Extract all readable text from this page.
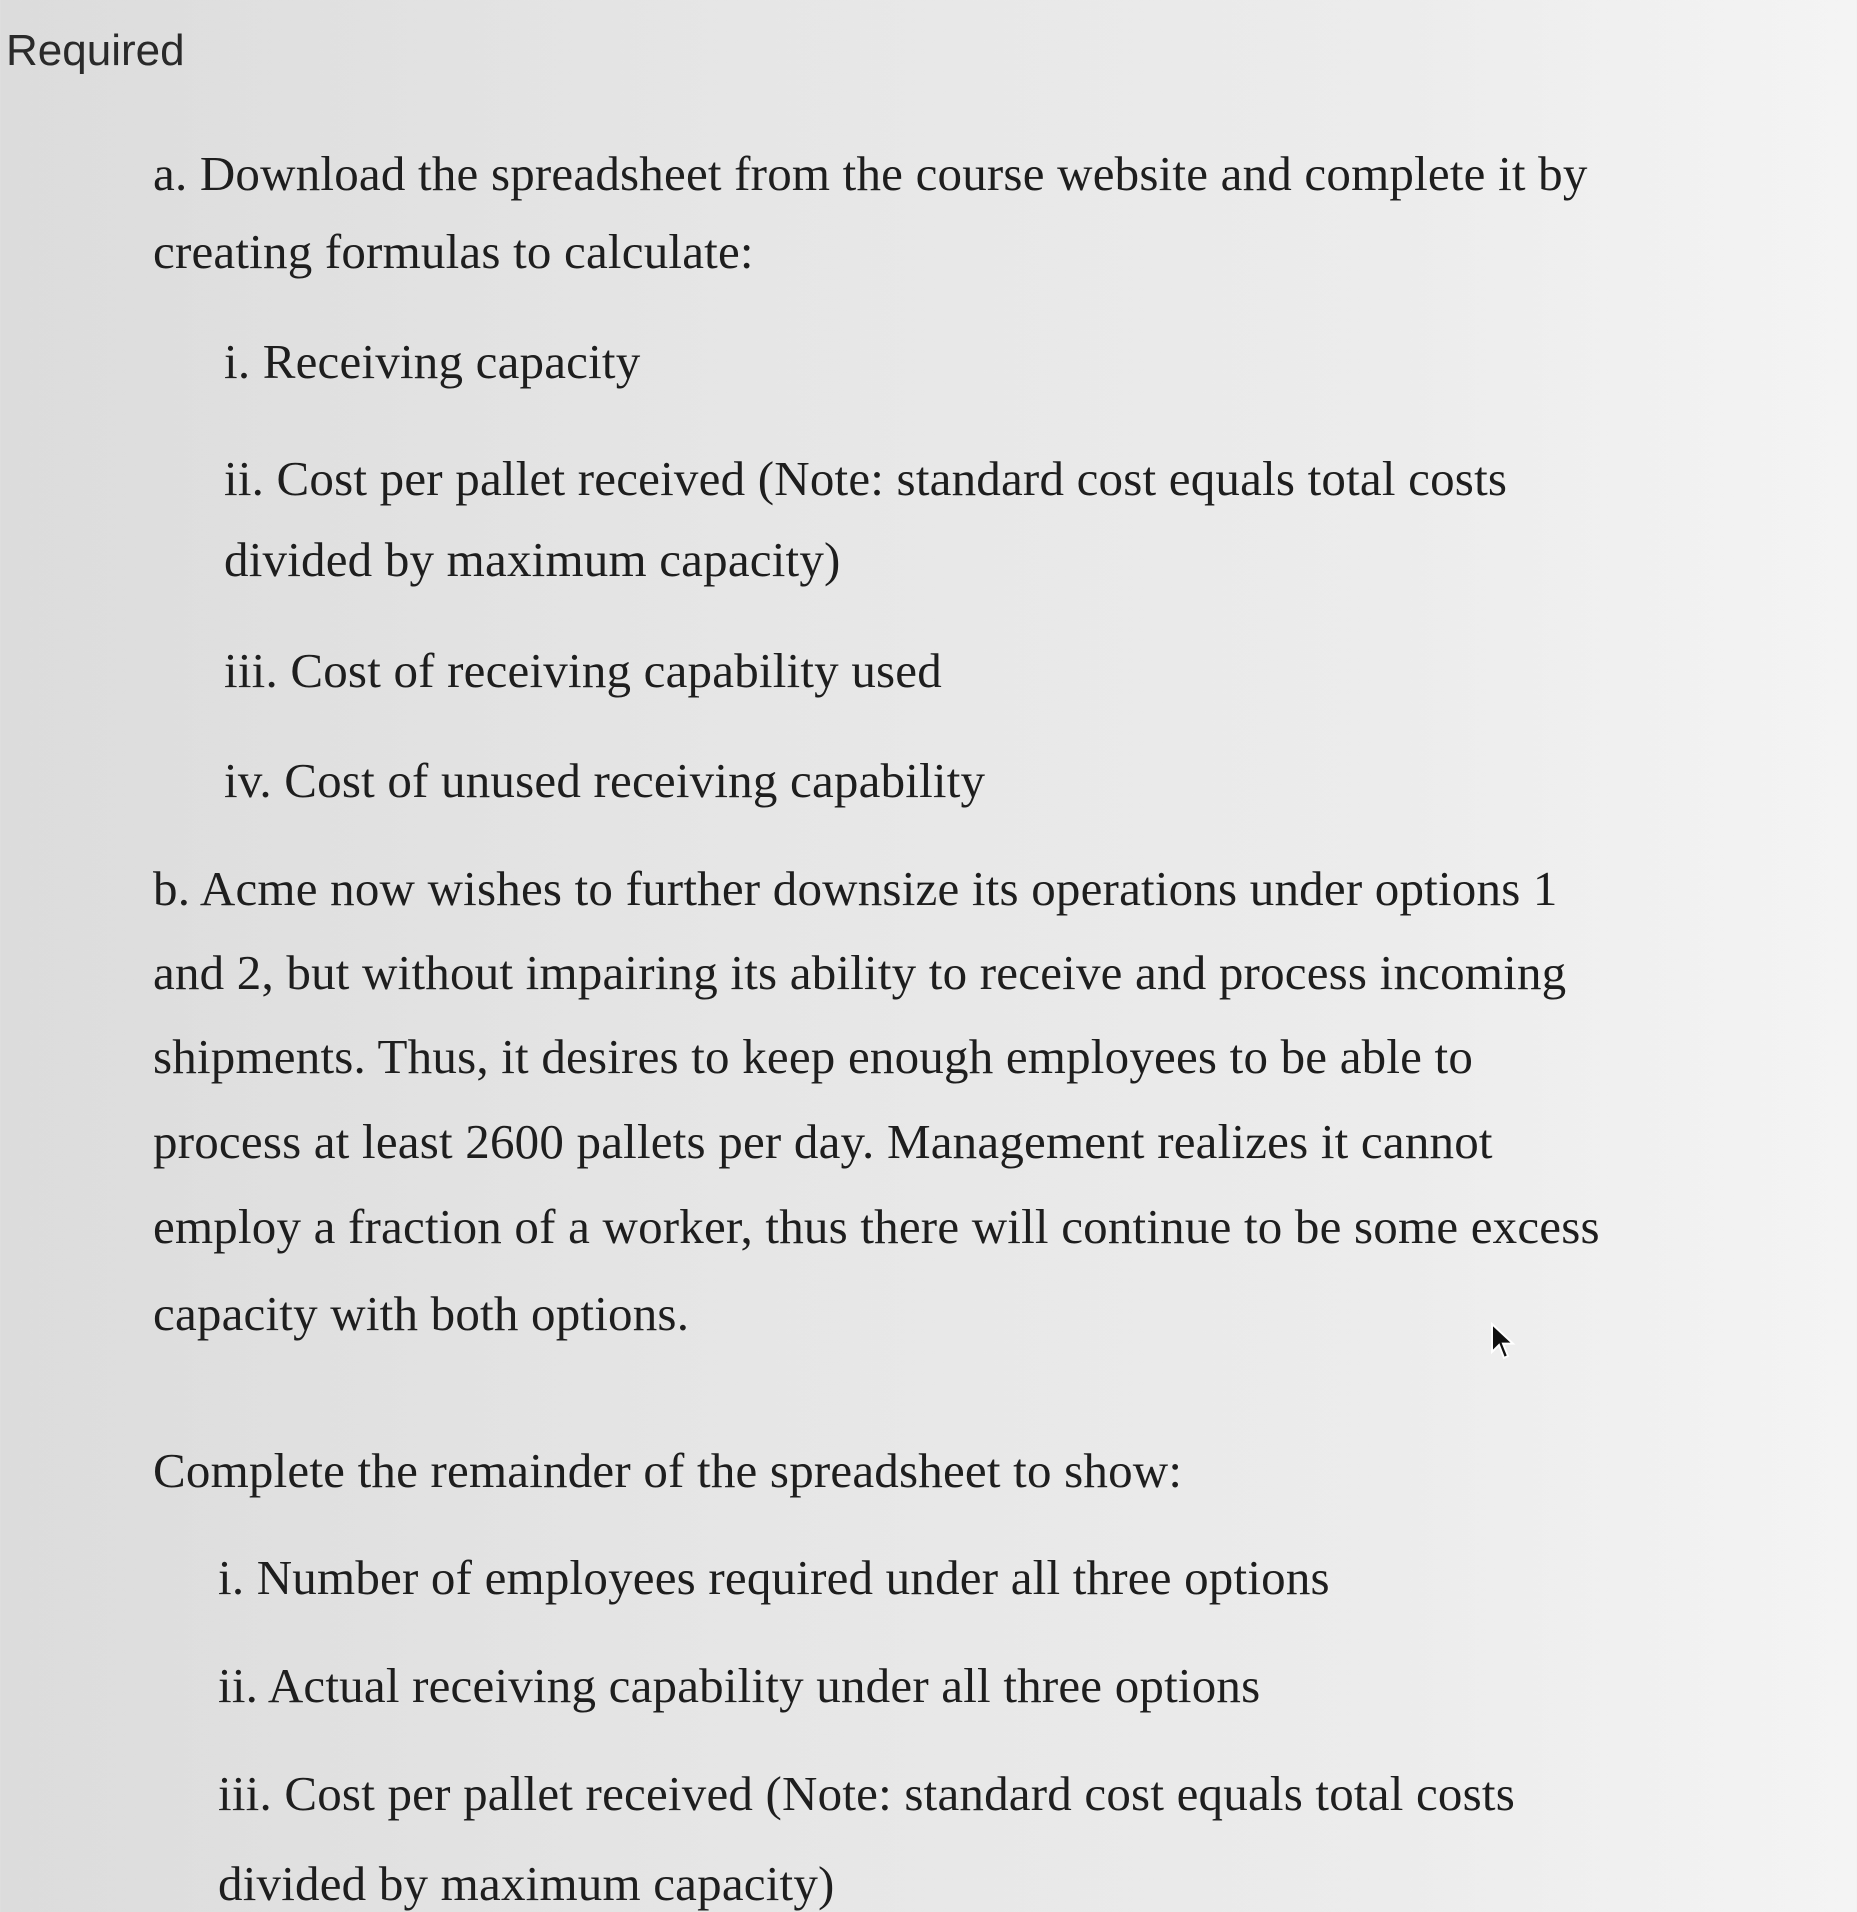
Required
a. Download the spreadsheet from the course website and complete it by
creating formulas to calculate:
i. Receiving capacity
ii. Cost per pallet received (Note: standard cost equals total costs
divided by maximum capacity)
iii. Cost of receiving capability used
iv. Cost of unused receiving capability
b. Acme now wishes to further downsize its operations under options 1
and 2, but without impairing its ability to receive and process incoming
shipments. Thus, it desires to keep enough employees to be able to
process at least 2600 pallets per day. Management realizes it cannot
employ a fraction of a worker, thus there will continue to be some excess
capacity with both options.
Complete the remainder of the spreadsheet to show:
i. Number of employees required under all three options
ii. Actual receiving capability under all three options
iii. Cost per pallet received (Note: standard cost equals total costs
divided by maximum capacity)
